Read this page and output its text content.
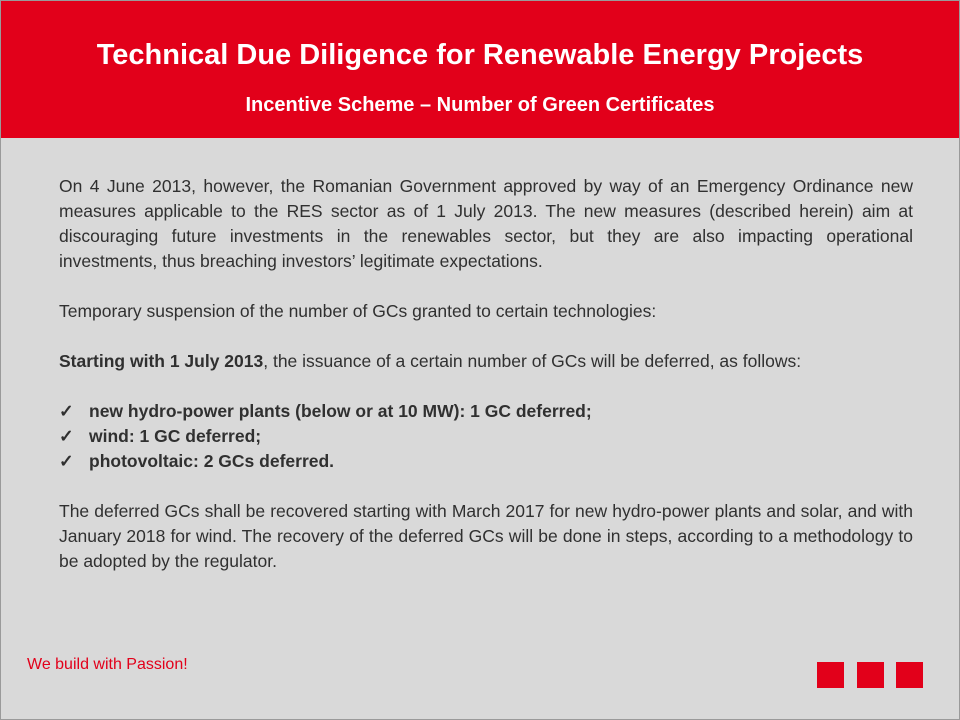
Technical Due Diligence for Renewable Energy Projects
Incentive Scheme – Number of Green Certificates

On 4 June 2013, however, the Romanian Government approved by way of an Emergency Ordinance new measures applicable to the RES sector as of 1 July 2013. The new measures (described herein) aim at discouraging future investments in the renewables sector, but they are also impacting operational investments, thus breaching investors’ legitimate expectations.

Temporary suspension of the number of GCs granted to certain technologies:

Starting with 1 July 2013, the issuance of a certain number of GCs will be deferred, as follows:

✓ new hydro-power plants (below or at 10 MW): 1 GC deferred;
✓ wind: 1 GC deferred;
✓ photovoltaic: 2 GCs deferred.

The deferred GCs shall be recovered starting with March 2017 for new hydro-power plants and solar, and with January 2018 for wind. The recovery of the deferred GCs will be done in steps, according to a methodology to be adopted by the regulator.

We build with Passion!
